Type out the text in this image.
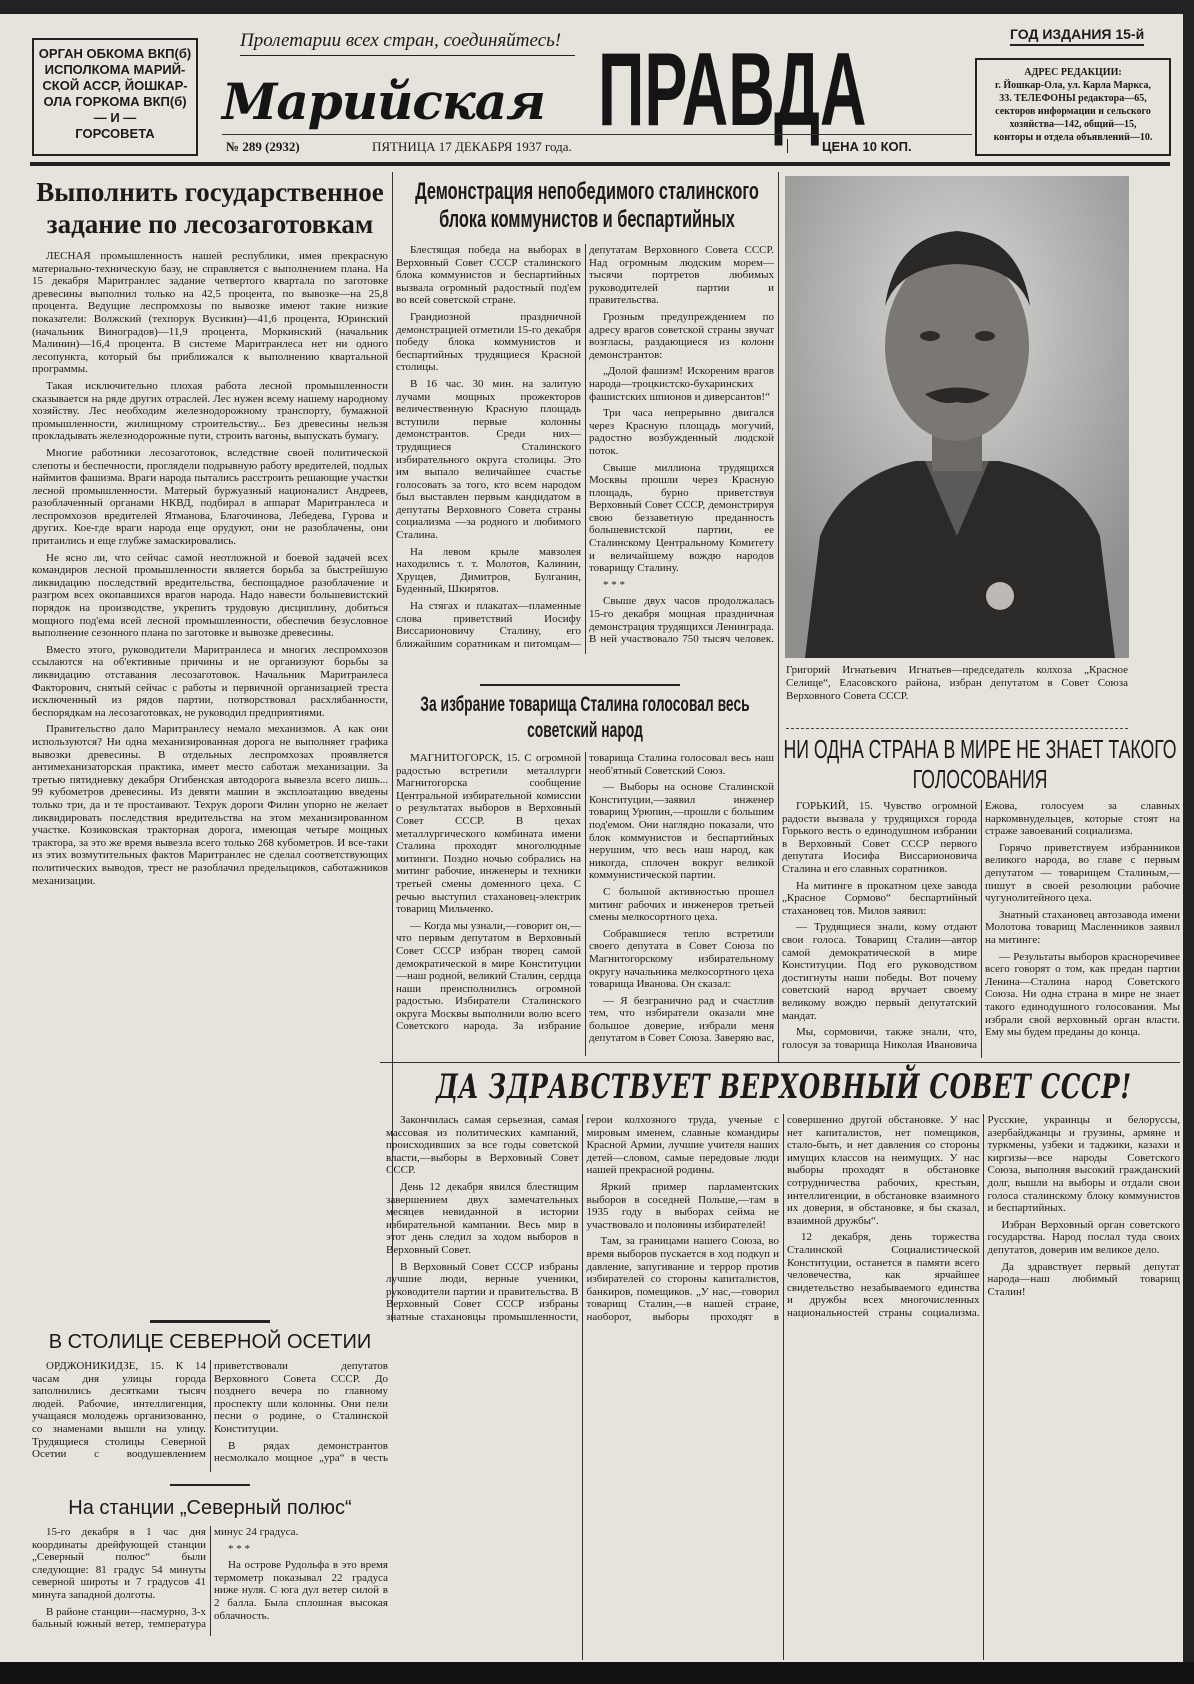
ОРГАН ОБКОМА ВКП(б)
ИСПОЛКОМА МАРИЙ-
СКОЙ АССР, ЙОШКАР-
ОЛА ГОРКОМА ВКП(б)
— И —
ГОРСОВЕТА
Пролетарии всех стран, соединяйтесь!
Марийская ПРАВДА	ГОД ИЗДАНИЯ 15-й
АДРЕС РЕДАКЦИИ:
г. Йошкар-Ола, ул. Карла Маркса,
33. ТЕЛЕФОНЫ редактора—65,
секторов информации и сельского
хозяйства—142, общий—15,
конторы и отдела объявлений—10.
№ 289 (2932)	ПЯТНИЦА 17 ДЕКАБРЯ 1937 года.	ЦЕНА 10 КОП.
Выполнить государственное задание по лесозаготовкам

ЛЕСНАЯ промышленность нашей республики, имея прекрасную материально-техническую базу, не справляется с выполнением плана. На 15 декабря Маритранлес задание четвертого квартала по заготовке древесины выполнил только на 42,5 процента, по вывозке—на 25,8 процента. Ведущие леспромхозы по вывозке имеют такие низкие показатели: Волжский (техпорук Вусикин)—41,6 процента, Юринский (начальник Виноградов)—11,9 процента, Моркинский (начальник Малинин)—16,4 процента. В системе Маритранлеса нет ни одного лесопункта, который бы приближался к выполнению квартальной программы.

Такая исключительно плохая работа лесной промышленности сказывается на ряде других отраслей. Лес нужен всему нашему народному хозяйству. Лес необходим железнодорожному транспорту, бумажной промышленности, жилищному строительству... Без древесины нельзя прокладывать железнодорожные пути, строить вагоны, выпускать бумагу.

Многие работники лесозаготовок, вследствие своей политической слепоты и беспечности, проглядели подрывную работу вредителей, подлых наймитов фашизма. Враги народа пытались расстроить решающие участки лесной промышленности. Матерый буржуазный националист Андреев, разоблаченный органами НКВД, подбирал в аппарат Маритранлеса и леспромхозов вредителей Ятманова, Благочинова, Лебедева, Гурова и других. Кое-где враги народа еще орудуют, они не разоблачены, они притаились и еще глубже замаскировались.

Не ясно ли, что сейчас самой неотложной и боевой задачей всех командиров лесной промышленности является борьба за быстрейшую ликвидацию последствий вредительства, беспощадное разоблачение и разгром всех окопавшихся врагов народа. Надо навести большевистский порядок на производстве, укрепить трудовую дисциплину, добиться мощного под'ема всей лесной промышленности, обеспечив безусловное выполнение сезонного плана по заготовке и вывозке древесины.

Вместо этого, руководители Маритранлеса и многих леспромхозов ссылаются на об'ективные причины и не организуют борьбы за ликвидацию отставания лесозаготовок. Начальник Маритранлеса Факторович, снятый сейчас с работы и первичной организацией треста исключенный из рядов партии, потворствовал расхлябанности, беспорядкам на лесозаготовках, не руководил предприятиями.

Правительство дало Маритранлесу немало механизмов. А как они используются? Ни одна механизированная дорога не выполняет графика вывозки древесины. В отдельных леспромхозах проявляется антимеханизаторская практика, имеет место саботаж механизации. За третью пятидневку декабря Огибенская автодорога вывезла всего лишь... 99 кубометров древесины. Из девяти машин в эксплоатацию введены только три, да и те простаивают. Техрук дороги Филин упорно не желает ликвидировать последствия вредительства на этом механизированном участке. Козиковская тракторная дорога, имеющая четыре мощных трактора, за это же время вывезла всего только 268 кубометров. И все-таки из этих возмутительных фактов Маритранлес не сделал соответствующих политических выводов, трест не разоблачил предельщиков, саботажников механизации.

Демонстрация непобедимого сталинского блока коммунистов и беспартийных

Блестящая победа на выборах в Верховный Совет СССР сталинского блока коммунистов и беспартийных вызвала огромный радостный под'ем во всей советской стране.

Грандиозной праздничной демонстрацией отметили 15-го декабря победу блока коммунистов и беспартийных трудящиеся Красной столицы.

В 16 час. 30 мин. на залитую лучами мощных прожекторов величественную Красную площадь вступили первые колонны демонстрантов. Среди них—трудящиеся Сталинского избирательного округа столицы. Это им выпало величайшее счастье голосовать за того, кто всем народом был выставлен первым кандидатом в депутаты Верховного Совета страны социализма —за родного и любимого Сталина.

На левом крыле мавзолея находились т. т. Молотов, Калинин, Хрущев, Димитров, Булганин, Буденный, Шкирятов.

На стягах и плакатах—пламенные слова приветствий Иосифу Виссарионовичу Сталину, его ближайшим соратникам и питомцам—депутатам Верховного Совета СССР. Над огромным людским морем—тысячи портретов любимых руководителей партии и правительства.

Грозным предупреждением по адресу врагов советской страны звучат возгласы, раздающиеся из колонн демонстрантов:

„Долой фашизм! Искореним врагов народа—троцкистско-бухаринских фашистских шпионов и диверсантов!“

Три часа непрерывно двигался через Красную площадь могучий, радостно возбужденный людской поток.

Свыше миллиона трудящихся Москвы прошли через Красную площадь, бурно приветствуя Верховный Совет СССР, демонстрируя свою беззаветную преданность большевистской партии, ее Сталинскому Центральному Комитету и величайшему вождю народов товарищу Сталину.

* * *

Свыше двух часов продолжалась 15-го декабря мощная праздничная демонстрация трудящихся Ленинграда. В ней участвовало 750 тысяч человек.

За избрание товарища Сталина голосовал весь советский народ

МАГНИТОГОРСК, 15. С огромной радостью встретили металлурги Магнитогорска сообщение Центральной избирательной комиссии о результатах выборов в Верховный Совет СССР. В цехах металлургического комбината имени Сталина проходят многолюдные митинги. Поздно ночью собрались на митинг рабочие, инженеры и техники третьей смены доменного цеха. С речью выступил стахановец-электрик товарищ Мильченко.

— Когда мы узнали,—говорит он,—что первым депутатом в Верховный Совет СССР избран творец самой демократической в мире Конституции—наш родной, великий Сталин, сердца наши преисполнились огромной радостью. Избиратели Сталинского округа Москвы выполнили волю всего Советского народа. За избрание товарища Сталина голосовал весь наш необ'ятный Советский Союз.

— Выборы на основе Сталинской Конституции,—заявил инженер товарищ Урюпин,—прошли с большим под'емом. Они наглядно показали, что блок коммунистов и беспартийных нерушим, что весь наш народ, как никогда, сплочен вокруг великой коммунистической партии.

С большой активностью прошел митинг рабочих и инженеров третьей смены мелкосортного цеха.

Собравшиеся тепло встретили своего депутата в Совет Союза по Магнитогорскому избирательному округу начальника мелкосортного цеха товарища Иванова. Он сказал:

— Я безгранично рад и счастлив тем, что избиратели оказали мне большое доверие, избрали меня депутатом в Совет Союза. Заверяю вас,

Григорий Игнатьевич Игнатьев—председатель колхоза „Красное Селище“, Еласовского района, избран депутатом в Совет Союза Верховного Совета СССР.
НИ ОДНА СТРАНА В МИРЕ НЕ ЗНАЕТ ТАКОГО ГОЛОСОВАНИЯ

ГОРЬКИЙ, 15. Чувство огромной радости вызвала у трудящихся города Горького весть о единодушном избрании в Верховный Совет СССР первого депутата Иосифа Виссарионовича Сталина и его славных соратников.

На митинге в прокатном цехе завода „Красное Сормово“ беспартийный стахановец тов. Милов заявил:

— Трудящиеся знали, кому отдают свои голоса. Товарищ Сталин—автор самой демократической в мире Конституции. Под его руководством достигнуты наши победы. Вот почему советский народ вручает своему великому вождю первый депутатский мандат.

Мы, сормовичи, также знали, что, голосуя за товарища Николая Ивановича Ежова, голосуем за славных наркомвнудельцев, которые стоят на страже завоеваний социализма.

Горячо приветствуем избранников великого народа, во главе с первым депутатом — товарищем Сталиным,—пишут в своей резолюции рабочие чугунолитейного цеха.

Знатный стахановец автозавода имени Молотова товарищ Масленников заявил на митинге:

— Результаты выборов красноречивее всего говорят о том, как предан партии Ленина—Сталина народ Советского Союза. Ни одна страна в мире не знает такого единодушного голосования. Мы избрали свой верховный орган власти. Ему мы будем преданы до конца.

ДА ЗДРАВСТВУЕТ ВЕРХОВНЫЙ СОВЕТ СССР!

Закончилась самая серьезная, самая массовая из политических кампаний, происходивших за все годы советской власти,—выборы в Верховный Совет СССР.

День 12 декабря явился блестящим завершением двух замечательных месяцев невиданной в истории избирательной кампании. Весь мир в этот день следил за ходом выборов в Верховный Совет.

В Верховный Совет СССР избраны лучшие люди, верные ученики, руководители партии и правительства. В Верховный Совет СССР избраны знатные стахановцы промышленности, герои колхозного труда, ученые с мировым именем, славные командиры Красной Армии, лучшие учителя наших детей—словом, самые передовые люди нашей прекрасной родины.

Яркий пример парламентских выборов в соседней Польше,—там в 1935 году в выборах сейма не участвовало и половины избирателей!

Там, за границами нашего Союза, во время выборов пускается в ход подкуп и давление, запугивание и террор против избирателей со стороны капиталистов, банкиров, помещиков. „У нас,—говорил товарищ Сталин,—в нашей стране, наоборот, выборы проходят в совершенно другой обстановке. У нас нет капиталистов, нет помещиков, стало-быть, и нет давления со стороны имущих классов на неимущих. У нас выборы проходят в обстановке сотрудничества рабочих, крестьян, интеллигенции, в обстановке взаимного их доверия, в обстановке, я бы сказал, взаимной дружбы“.

12 декабря, день торжества Сталинской Социалистической Конституции, останется в памяти всего человечества, как ярчайшее свидетельство незабываемого единства и дружбы всех многочисленных национальностей страны социализма. Русские, украинцы и белоруссы, азербайджанцы и грузины, армяне и туркмены, узбеки и таджики, казахи и киргизы—все народы Советского Союза, выполняя высокий гражданский долг, вышли на выборы и отдали свои голоса сталинскому блоку коммунистов и беспартийных.

Избран Верховный орган советского государства. Народ послал туда своих депутатов, доверив им великое дело.

Да здравствует первый депутат народа—наш любимый товарищ Сталин!

В СТОЛИЦЕ СЕВЕРНОЙ ОСЕТИИ

ОРДЖОНИКИДЗЕ, 15. К 14 часам дня улицы города заполнились десятками тысяч людей. Рабочие, интеллигенция, учащаяся молодежь организованно, со знаменами вышли на улицу. Трудящиеся столицы Северной Осетии с воодушевлением приветствовали депутатов Верховного Совета СССР. До позднего вечера по главному проспекту шли колонны. Они пели песни о родине, о Сталинской Конституции.

В рядах демонстрантов несмолкало мощное „ура“ в честь

На станции „Северный полюс“

15-го декабря в 1 час дня координаты дрейфующей станции „Северный полюс“ были следующие: 81 градус 54 минуты северной широты и 7 градусов 41 минута западной долготы.

В районе станции—пасмурно, 3-х бальный южный ветер, температура минус 24 градуса.

* * *

На острове Рудольфа в это время термометр показывал 22 градуса ниже нуля. С юга дул ветер силой в 2 балла. Была сплошная высокая облачность.
